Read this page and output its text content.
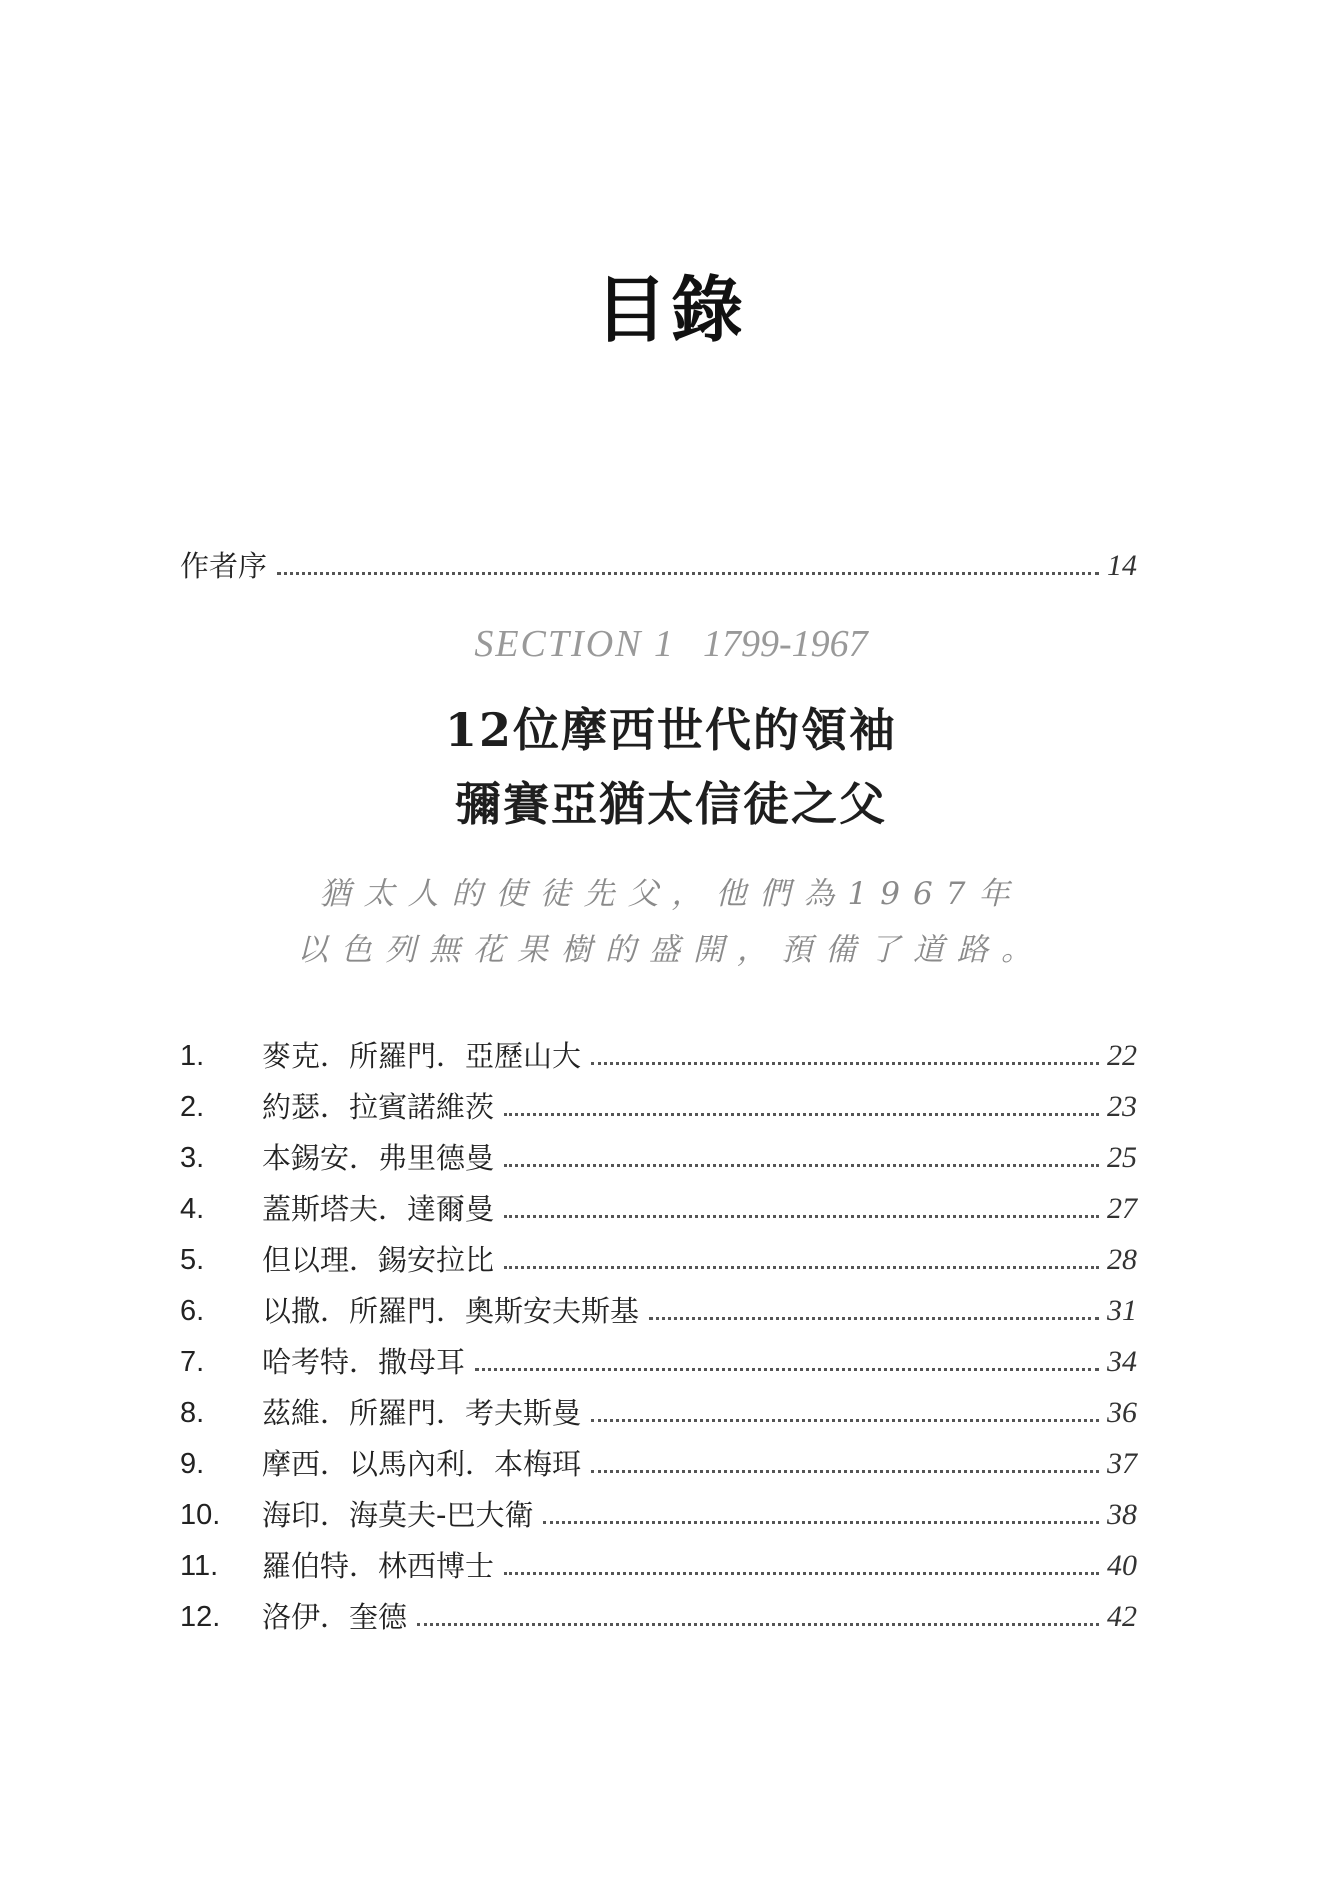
目錄
作者序	14
SECTION 1 1799-1967
12位摩西世代的領袖
彌賽亞猶太信徒之父
猶太人的使徒先父，他們為1967年
以色列無花果樹的盛開，預備了道路。
1.	麥克．所羅門．亞歷山大	22
2.	約瑟．拉賓諾維茨	23
3.	本錫安．弗里德曼	25
4.	蓋斯塔夫．達爾曼	27
5.	但以理．錫安拉比	28
6.	以撒．所羅門．奧斯安夫斯基	31
7.	哈考特．撒母耳	34
8.	茲維．所羅門．考夫斯曼	36
9.	摩西．以馬內利．本梅珥	37
10.	海印．海莫夫-巴大衛	38
11.	羅伯特．林西博士	40
12.	洛伊．奎德	42
